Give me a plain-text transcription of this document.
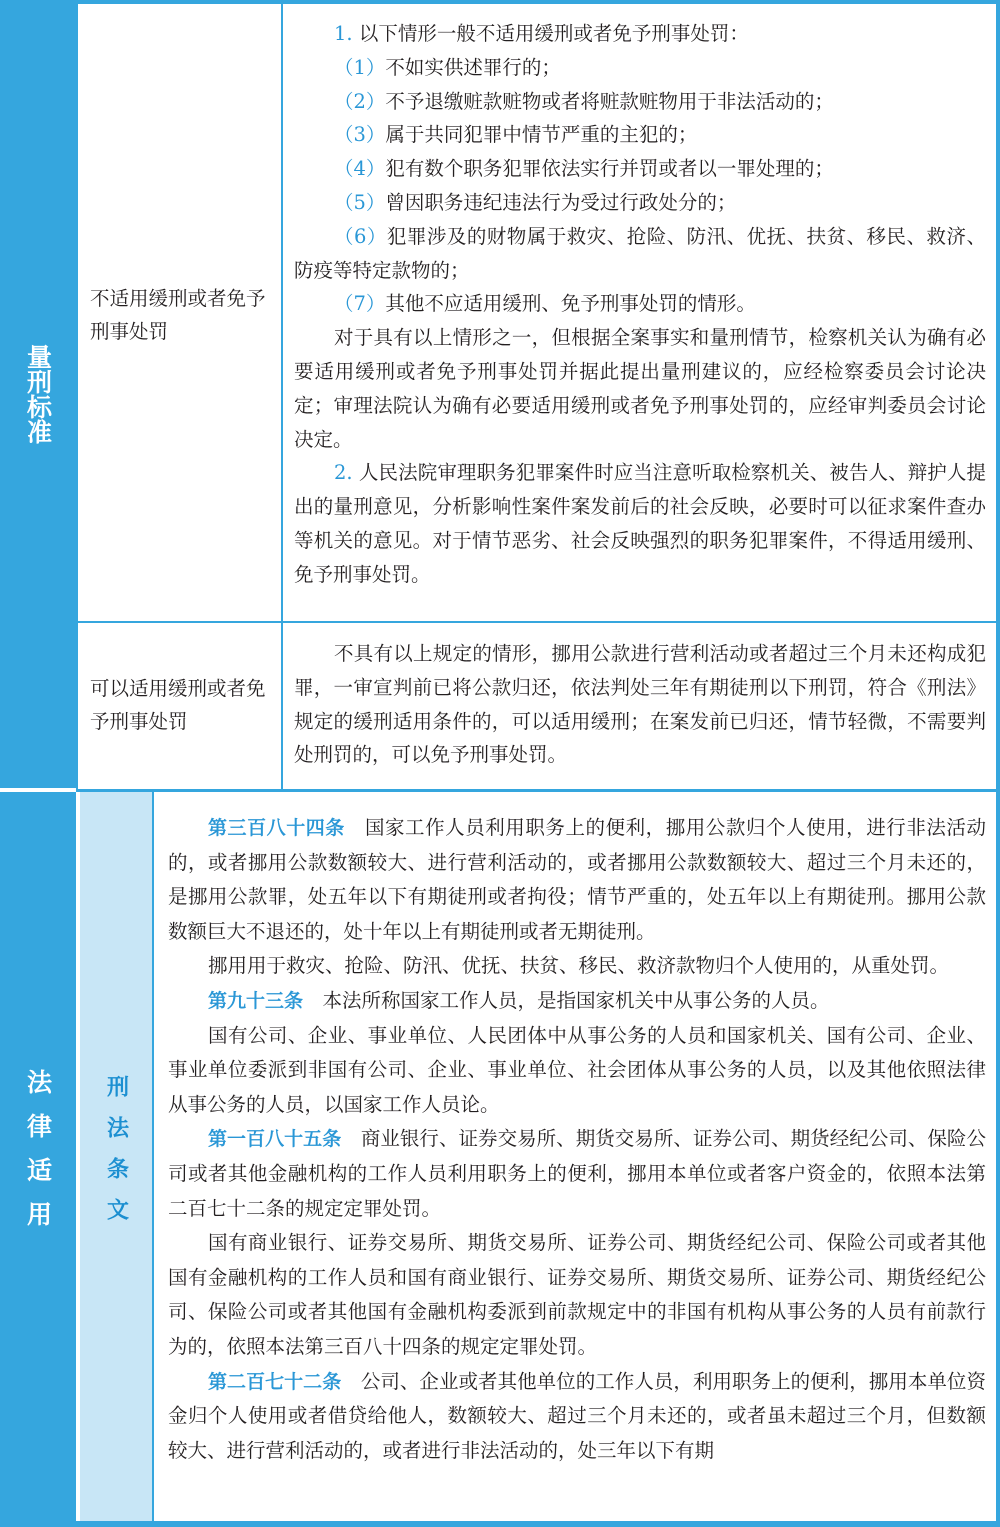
量刑标准
法律适用 刑法条文
不适用缓刑或者免予刑事处罚

1. 以下情形一般不适用缓刑或者免予刑事处罚：

（1）不如实供述罪行的；

（2）不予退缴赃款赃物或者将赃款赃物用于非法活动的；

（3）属于共同犯罪中情节严重的主犯的；

（4）犯有数个职务犯罪依法实行并罚或者以一罪处理的；

（5）曾因职务违纪违法行为受过行政处分的；

（6）犯罪涉及的财物属于救灾、抢险、防汛、优抚、扶贫、移民、救济、防疫等特定款物的；

（7）其他不应适用缓刑、免予刑事处罚的情形。

对于具有以上情形之一，但根据全案事实和量刑情节，检察机关认为确有必要适用缓刑或者免予刑事处罚并据此提出量刑建议的，应经检察委员会讨论决定；审理法院认为确有必要适用缓刑或者免予刑事处罚的，应经审判委员会讨论决定。

2. 人民法院审理职务犯罪案件时应当注意听取检察机关、被告人、辩护人提出的量刑意见，分析影响性案件案发前后的社会反映，必要时可以征求案件查办等机关的意见。对于情节恶劣、社会反映强烈的职务犯罪案件，不得适用缓刑、免予刑事处罚。

可以适用缓刑或者免予刑事处罚

不具有以上规定的情形，挪用公款进行营利活动或者超过三个月未还构成犯罪，一审宣判前已将公款归还，依法判处三年有期徒刑以下刑罚，符合《刑法》规定的缓刑适用条件的，可以适用缓刑；在案发前已归还，情节轻微，不需要判处刑罚的，可以免予刑事处罚。

第三百八十四条　 国家工作人员利用职务上的便利，挪用公款归个人使用，进行非法活动的，或者挪用公款数额较大、进行营利活动的，或者挪用公款数额较大、超过三个月未还的，是挪用公款罪，处五年以下有期徒刑或者拘役；情节严重的，处五年以上有期徒刑。挪用公款数额巨大不退还的，处十年以上有期徒刑或者无期徒刑。

挪用用于救灾、抢险、防汛、优抚、扶贫、移民、救济款物归个人使用的，从重处罚。

第九十三条　 本法所称国家工作人员，是指国家机关中从事公务的人员。

国有公司、企业、事业单位、人民团体中从事公务的人员和国家机关、国有公司、企业、事业单位委派到非国有公司、企业、事业单位、社会团体从事公务的人员，以及其他依照法律从事公务的人员，以国家工作人员论。

第一百八十五条　 商业银行、证券交易所、期货交易所、证券公司、期货经纪公司、保险公司或者其他金融机构的工作人员利用职务上的便利，挪用本单位或者客户资金的，依照本法第二百七十二条的规定定罪处罚。

国有商业银行、证券交易所、期货交易所、证券公司、期货经纪公司、保险公司或者其他国有金融机构的工作人员和国有商业银行、证券交易所、期货交易所、证券公司、期货经纪公司、保险公司或者其他国有金融机构委派到前款规定中的非国有机构从事公务的人员有前款行为的，依照本法第三百八十四条的规定定罪处罚。

第二百七十二条　 公司、企业或者其他单位的工作人员，利用职务上的便利，挪用本单位资金归个人使用或者借贷给他人，数额较大、超过三个月未还的，或者虽未超过三个月，但数额较大、进行营利活动的，或者进行非法活动的，处三年以下有期
